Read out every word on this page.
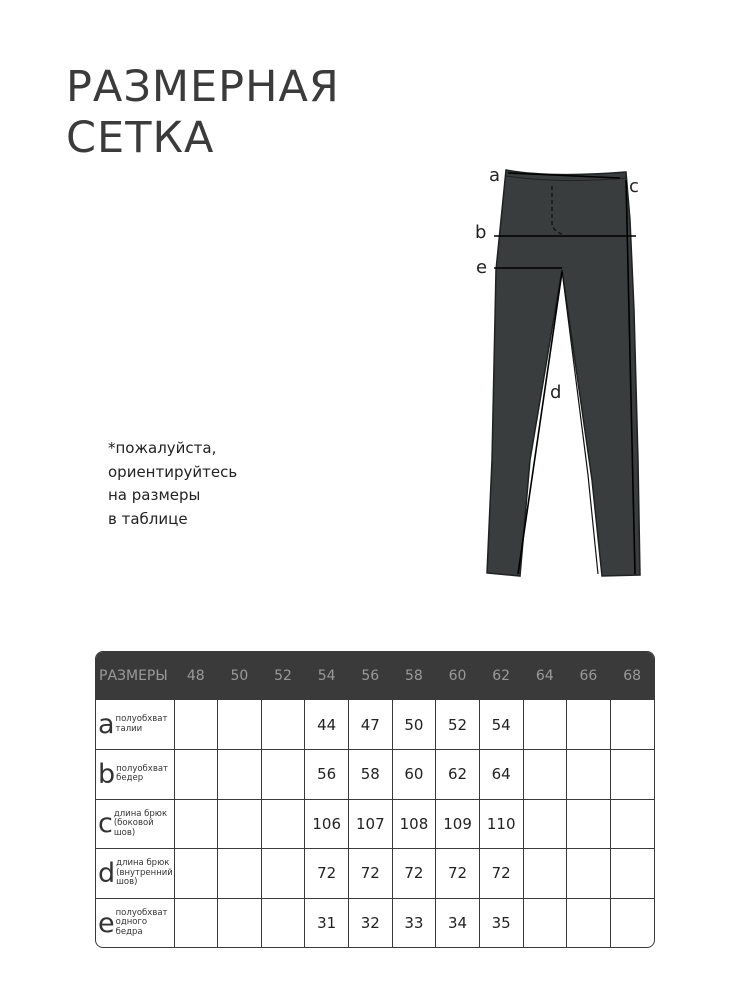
РАЗМЕРНАЯ
СЕТКА
*пожалуйста,
ориентируйтесь
на размеры
в таблице
a
c
b
e
d
РАЗМЕРЫ	48	50	52	54	56	58	60	62	64	66	68

a полуобхват
талии				44	47	50	52	54			

b полуобхват
бедер				56	58	60	62	64			

c длина брюк
(боковой
шов)				106	107	108	109	110			

d длина брюк
(внутренний
шов)				72	72	72	72	72			

e полуобхват
одного
бедра				31	32	33	34	35			
